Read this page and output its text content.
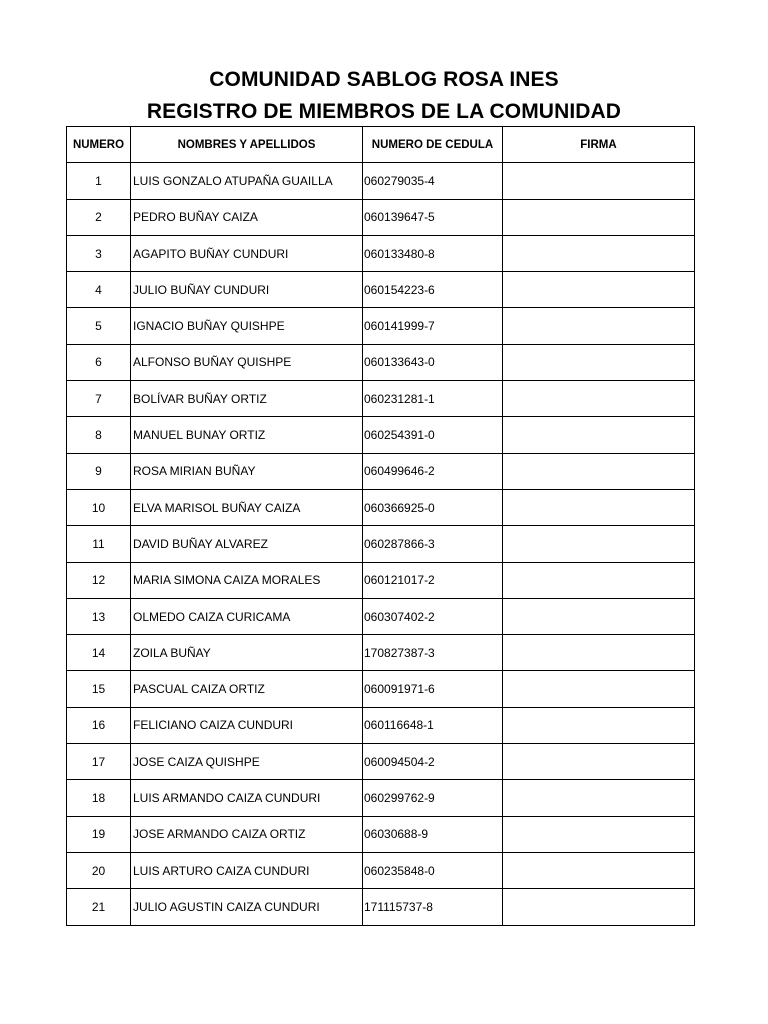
COMUNIDAD SABLOG ROSA INES
REGISTRO DE MIEMBROS DE LA COMUNIDAD
NUMERO	NOMBRES Y APELLIDOS	NUMERO DE CEDULA	FIRMA
1	LUIS GONZALO ATUPAÑA GUAILLA	060279035-4	
2	PEDRO BUÑAY CAIZA	060139647-5	
3	AGAPITO BUÑAY CUNDURI	060133480-8	
4	JULIO BUÑAY CUNDURI	060154223-6	
5	IGNACIO BUÑAY QUISHPE	060141999-7	
6	ALFONSO BUÑAY QUISHPE	060133643-0	
7	BOLÍVAR BUÑAY ORTIZ	060231281-1	
8	MANUEL BUNAY ORTIZ	060254391-0	
9	ROSA MIRIAN BUÑAY	060499646-2	
10	ELVA MARISOL BUÑAY CAIZA	060366925-0	
11	DAVID BUÑAY ALVAREZ	060287866-3	
12	MARIA SIMONA CAIZA MORALES	060121017-2	
13	OLMEDO CAIZA CURICAMA	060307402-2	
14	ZOILA BUÑAY	170827387-3	
15	PASCUAL CAIZA ORTIZ	060091971-6	
16	FELICIANO CAIZA CUNDURI	060116648-1	
17	JOSE CAIZA QUISHPE	060094504-2	
18	LUIS ARMANDO CAIZA CUNDURI	060299762-9	
19	JOSE ARMANDO CAIZA ORTIZ	06030688-9	
20	LUIS ARTURO CAIZA CUNDURI	060235848-0	
21	JULIO AGUSTIN CAIZA CUNDURI	171115737-8	
